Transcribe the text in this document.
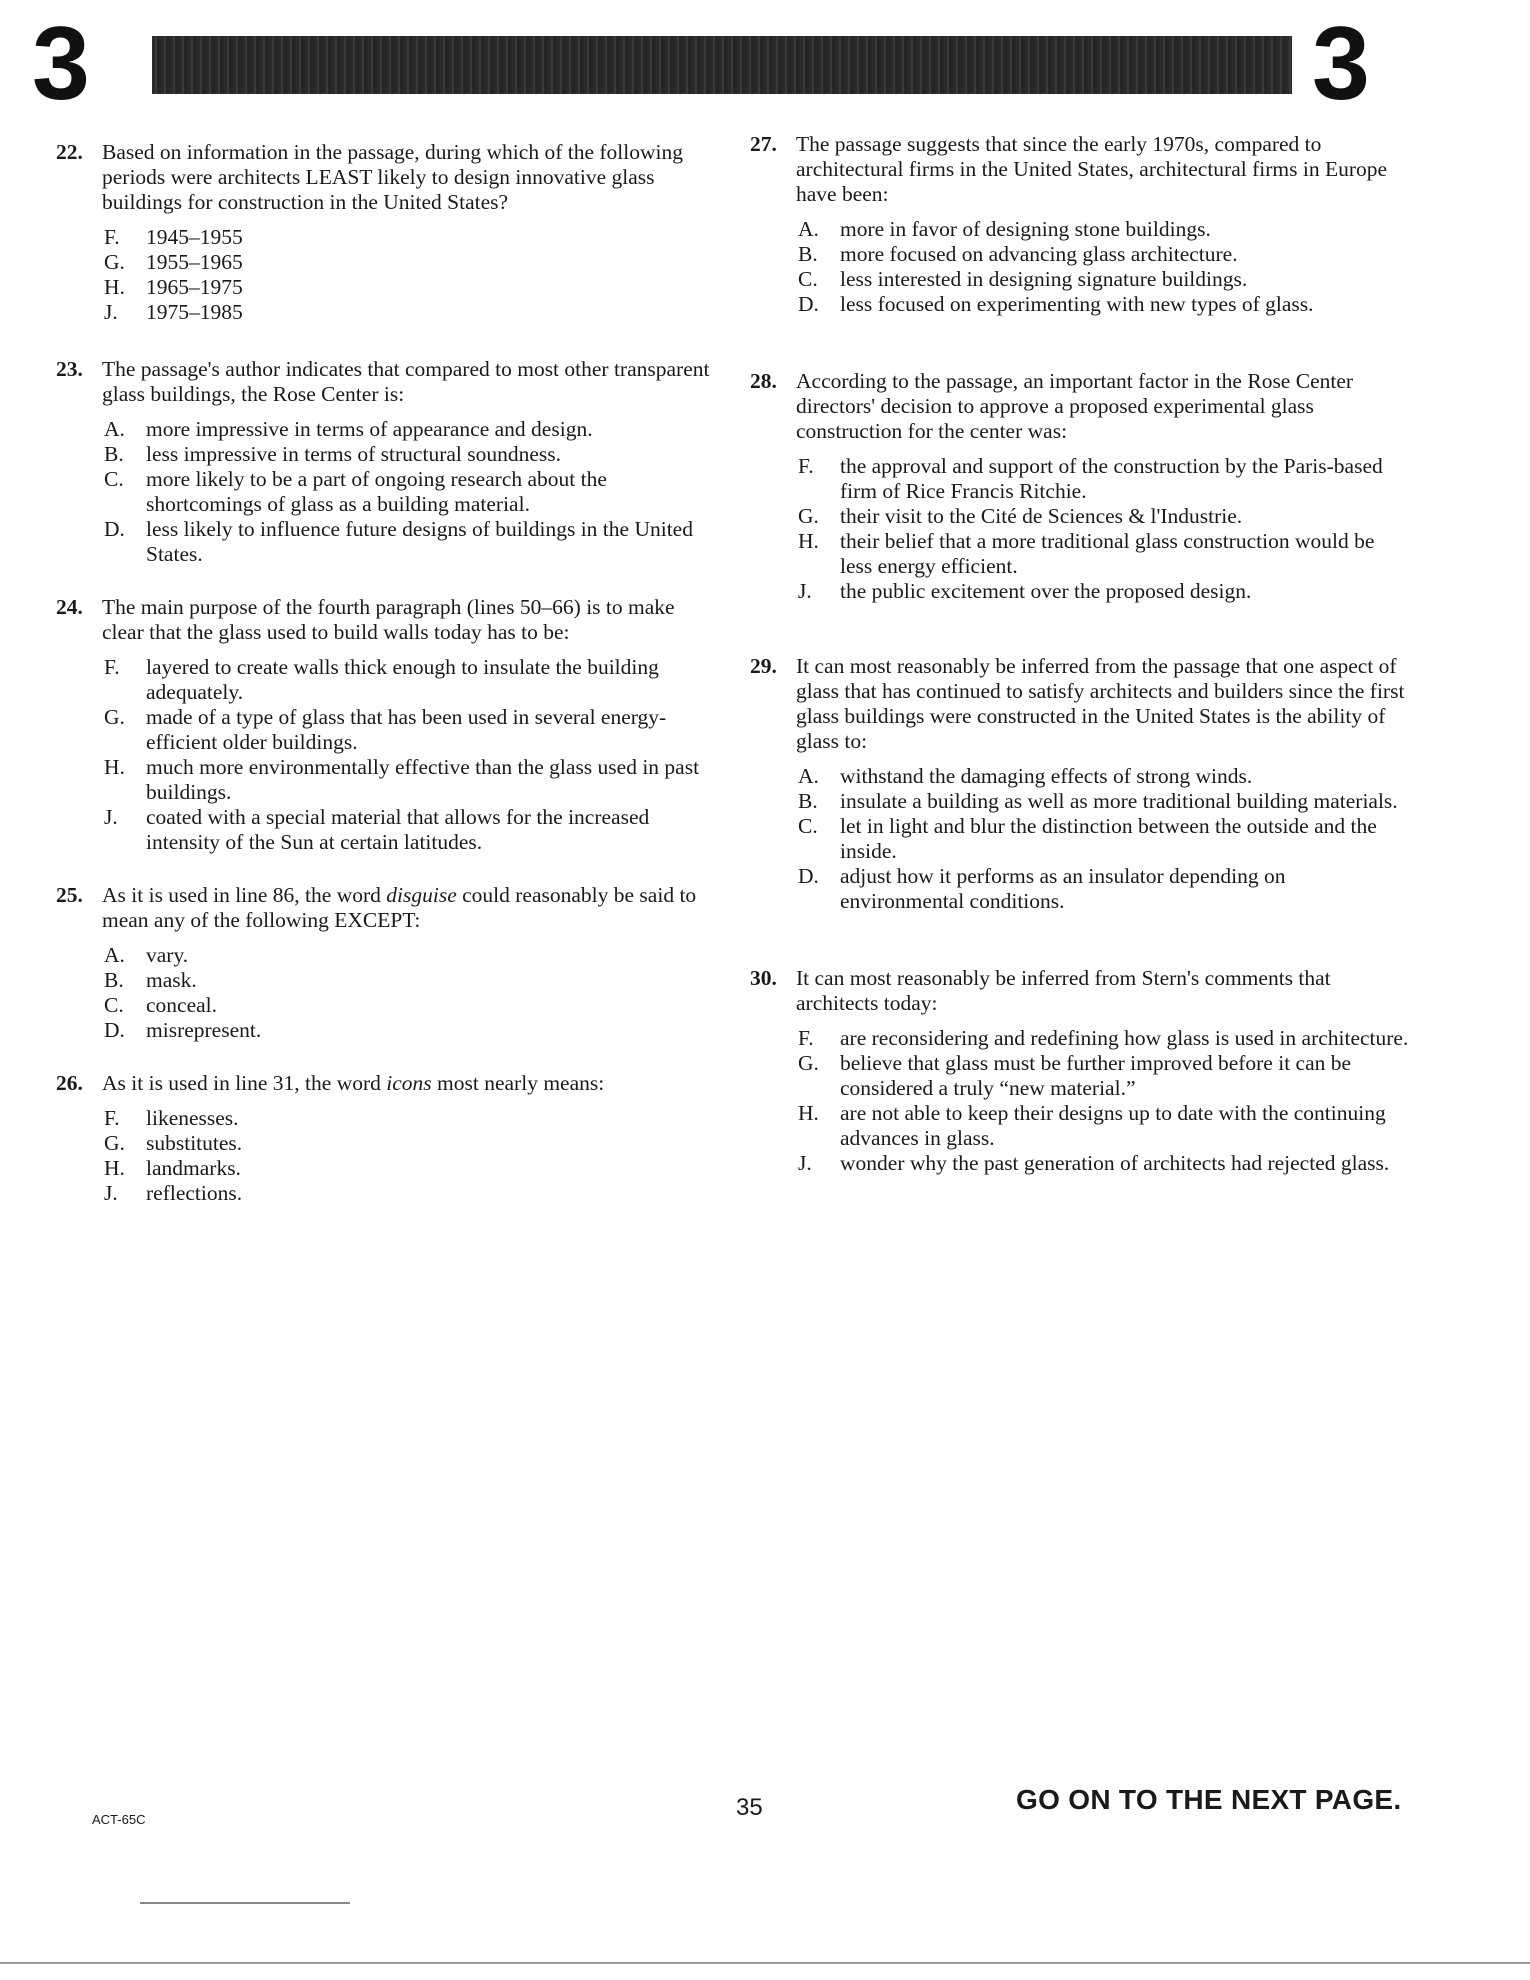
3	3
22. Based on information in the passage, during which of the following periods were architects LEAST likely to design innovative glass buildings for construction in the United States?
F. 1945–1955
G. 1955–1965
H. 1965–1975
J. 1975–1985
23. The passage's author indicates that compared to most other transparent glass buildings, the Rose Center is:
A. more impressive in terms of appearance and design.
B. less impressive in terms of structural soundness.
C. more likely to be a part of ongoing research about the shortcomings of glass as a building material.
D. less likely to influence future designs of buildings in the United States.
24. The main purpose of the fourth paragraph (lines 50–66) is to make clear that the glass used to build walls today has to be:
F. layered to create walls thick enough to insulate the building adequately.
G. made of a type of glass that has been used in several energy-efficient older buildings.
H. much more environmentally effective than the glass used in past buildings.
J. coated with a special material that allows for the increased intensity of the Sun at certain latitudes.
25. As it is used in line 86, the word disguise could reasonably be said to mean any of the following EXCEPT:
A. vary.
B. mask.
C. conceal.
D. misrepresent.
26. As it is used in line 31, the word icons most nearly means:
F. likenesses.
G. substitutes.
H. landmarks.
J. reflections.
27. The passage suggests that since the early 1970s, compared to architectural firms in the United States, architectural firms in Europe have been:
A. more in favor of designing stone buildings.
B. more focused on advancing glass architecture.
C. less interested in designing signature buildings.
D. less focused on experimenting with new types of glass.
28. According to the passage, an important factor in the Rose Center directors' decision to approve a proposed experimental glass construction for the center was:
F. the approval and support of the construction by the Paris-based firm of Rice Francis Ritchie.
G. their visit to the Cité de Sciences & l'Industrie.
H. their belief that a more traditional glass construction would be less energy efficient.
J. the public excitement over the proposed design.
29. It can most reasonably be inferred from the passage that one aspect of glass that has continued to satisfy architects and builders since the first glass buildings were constructed in the United States is the ability of glass to:
A. withstand the damaging effects of strong winds.
B. insulate a building as well as more traditional building materials.
C. let in light and blur the distinction between the outside and the inside.
D. adjust how it performs as an insulator depending on environmental conditions.
30. It can most reasonably be inferred from Stern's comments that architects today:
F. are reconsidering and redefining how glass is used in architecture.
G. believe that glass must be further improved before it can be considered a truly “new material.”
H. are not able to keep their designs up to date with the continuing advances in glass.
J. wonder why the past generation of architects had rejected glass.
ACT-65C	35	GO ON TO THE NEXT PAGE.
